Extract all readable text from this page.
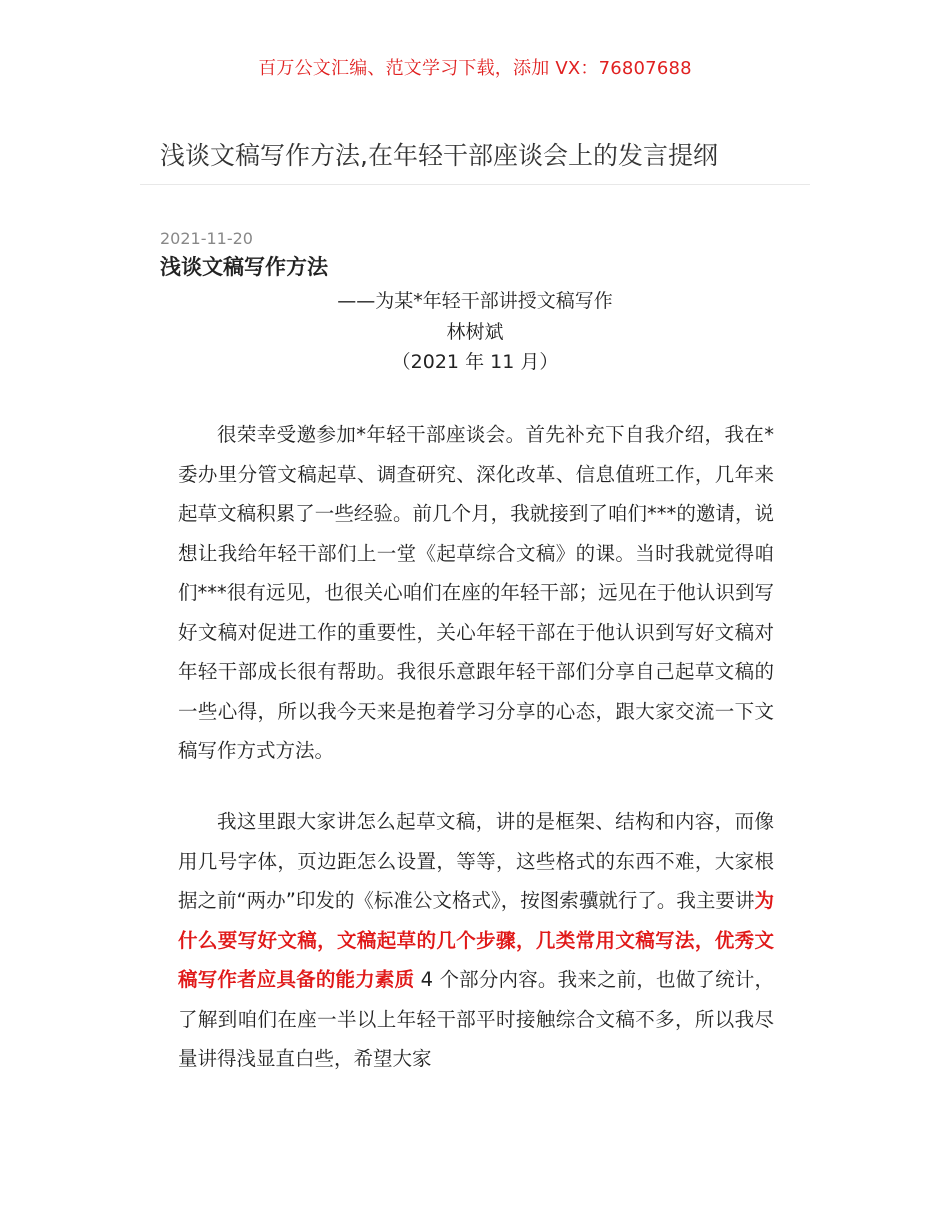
百万公文汇编、范文学习下载，添加 VX：76807688
浅谈文稿写作方法,在年轻干部座谈会上的发言提纲
2021-11-20
浅谈文稿写作方法
——为某*年轻干部讲授文稿写作
林树斌
（2021 年 11 月）

很荣幸受邀参加*年轻干部座谈会。首先补充下自我介绍，我在*委办里分管文稿起草、调查研究、深化改革、信息值班工作，几年来起草文稿积累了一些经验。前几个月，我就接到了咱们***的邀请，说想让我给年轻干部们上一堂《起草综合文稿》的课。当时我就觉得咱们***很有远见，也很关心咱们在座的年轻干部；远见在于他认识到写好文稿对促进工作的重要性，关心年轻干部在于他认识到写好文稿对年轻干部成长很有帮助。我很乐意跟年轻干部们分享自己起草文稿的一些心得，所以我今天来是抱着学习分享的心态，跟大家交流一下文稿写作方式方法。

我这里跟大家讲怎么起草文稿，讲的是框架、结构和内容，而像用几号字体，页边距怎么设置，等等，这些格式的东西不难，大家根据之前“两办”印发的《标准公文格式》，按图索骥就行了。我主要讲为什么要写好文稿，文稿起草的几个步骤，几类常用文稿写法，优秀文稿写作者应具备的能力素质 4 个部分内容。我来之前，也做了统计，了解到咱们在座一半以上年轻干部平时接触综合文稿不多，所以我尽量讲得浅显直白些，希望大家
